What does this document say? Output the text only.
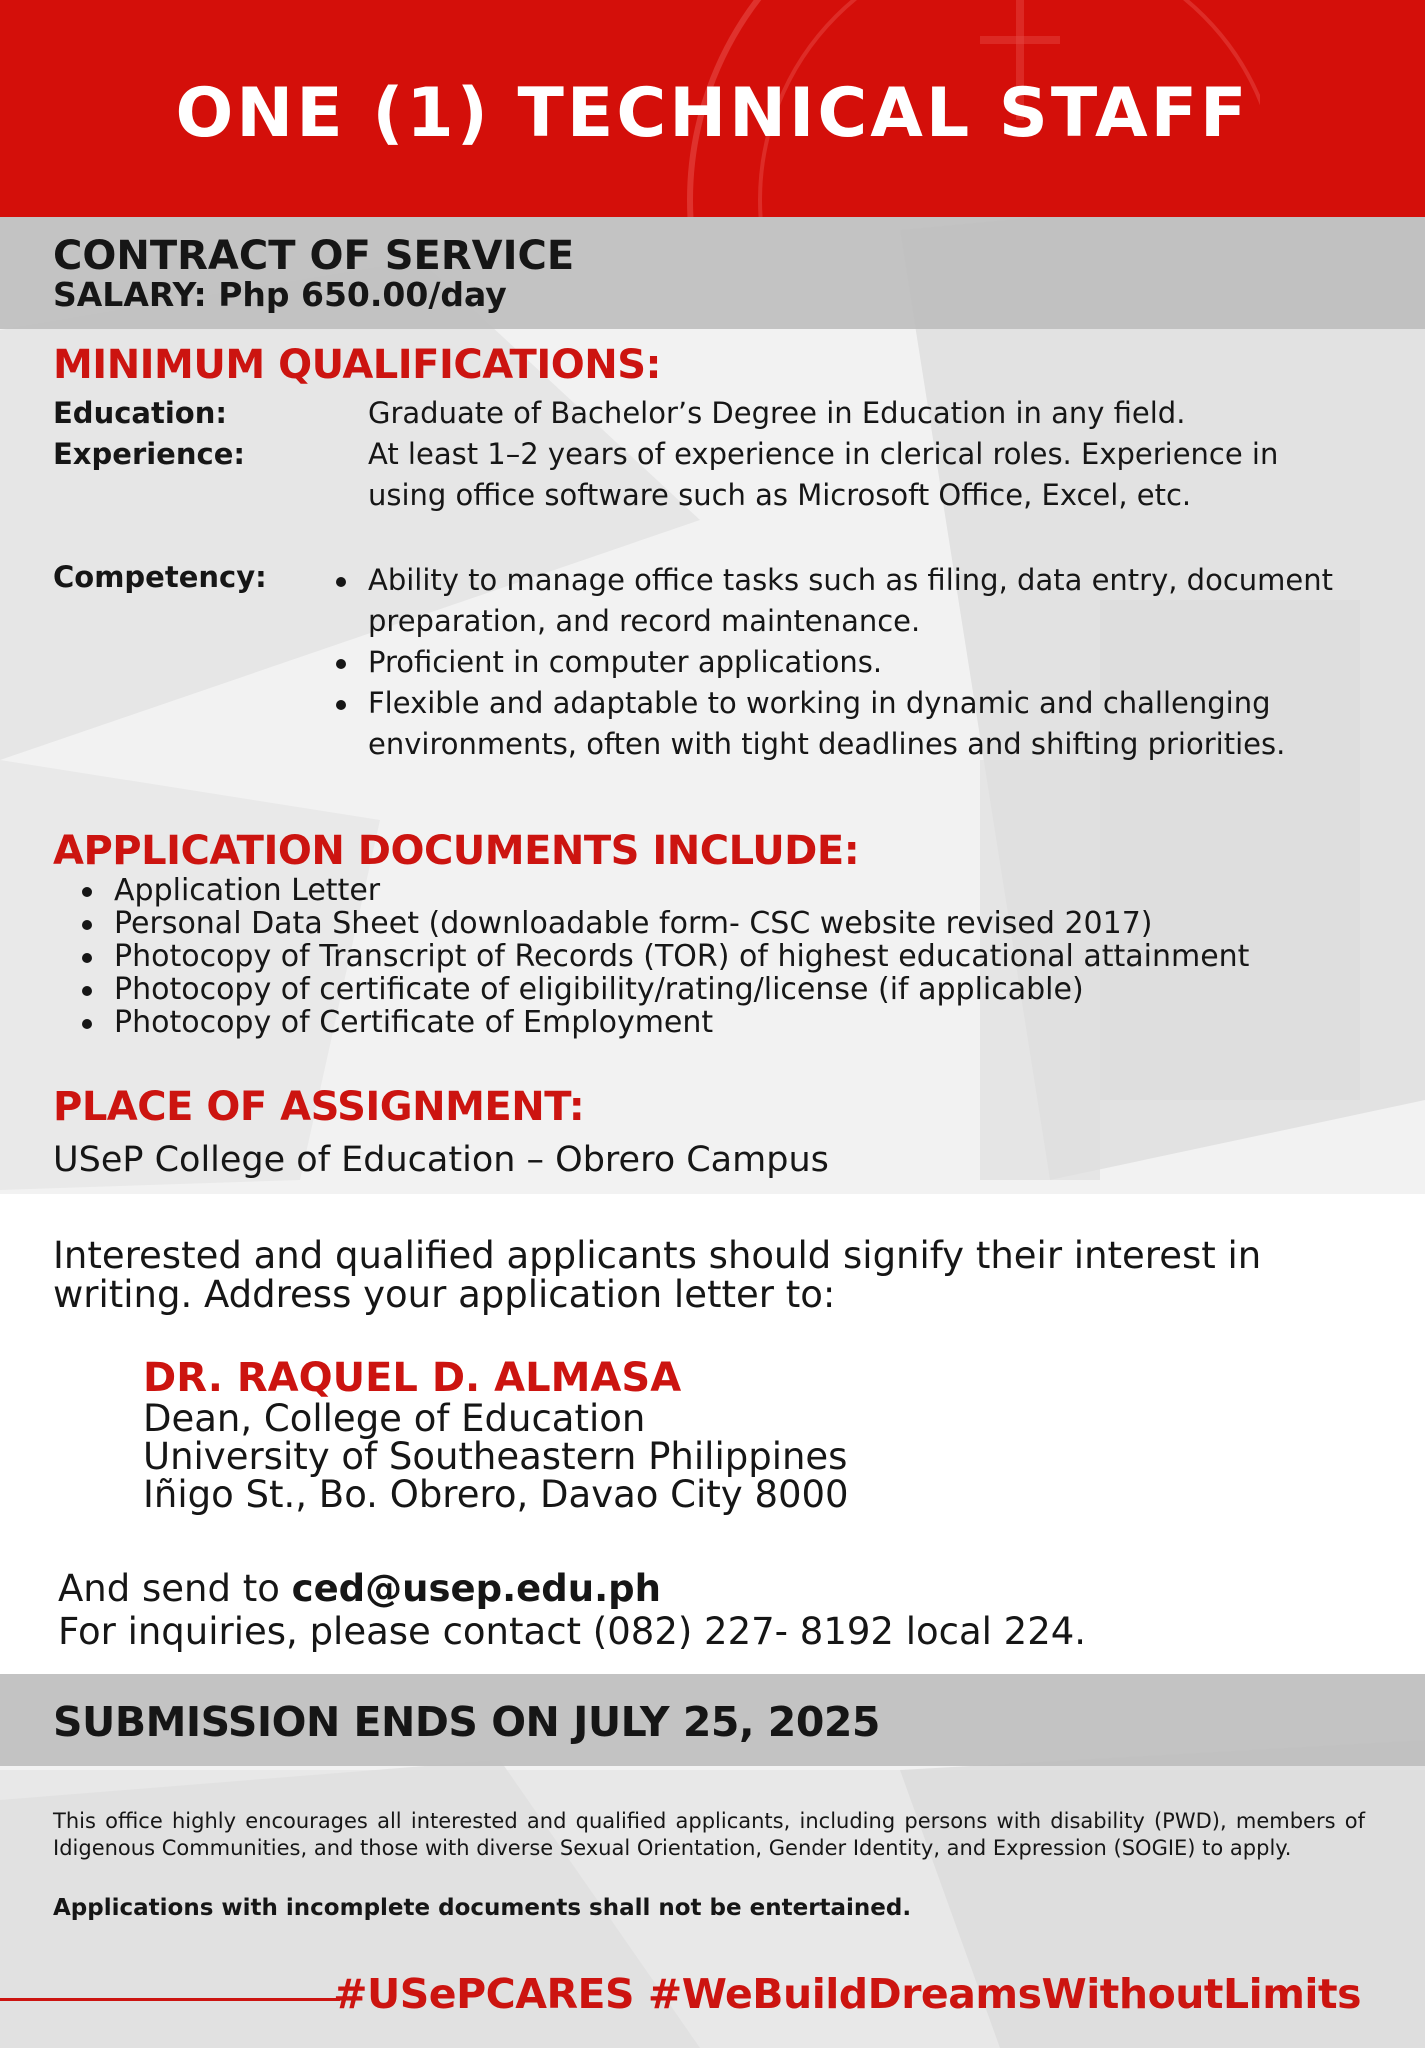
ONE (1) TECHNICAL STAFF
CONTRACT OF SERVICE
SALARY: Php 650.00/day
MINIMUM QUALIFICATIONS:
Education:	Graduate of Bachelor’s Degree in Education in any field.
Experience:	At least 1–2 years of experience in clerical roles. Experience in using office software such as Microsoft Office, Excel, etc.
Competency:	Ability to manage office tasks such as filing, data entry, document preparation, and record maintenance.
Proficient in computer applications.
Flexible and adaptable to working in dynamic and challenging environments, often with tight deadlines and shifting priorities.
APPLICATION DOCUMENTS INCLUDE:
Application Letter
Personal Data Sheet (downloadable form- CSC website revised 2017)
Photocopy of Transcript of Records (TOR) of highest educational attainment
Photocopy of certificate of eligibility/rating/license (if applicable)
Photocopy of Certificate of Employment
PLACE OF ASSIGNMENT:
USeP College of Education – Obrero Campus
Interested and qualified applicants should signify their interest in writing. Address your application letter to:
DR. RAQUEL D. ALMASA
Dean, College of Education
University of Southeastern Philippines
Iñigo St., Bo. Obrero, Davao City 8000
And send to ced@usep.edu.ph
For inquiries, please contact (082) 227- 8192 local 224.
SUBMISSION ENDS ON JULY 25, 2025
This office highly encourages all interested and qualified applicants, including persons with disability (PWD), members of Idigenous Communities, and those with diverse Sexual Orientation, Gender Identity, and Expression (SOGIE) to apply.
Applications with incomplete documents shall not be entertained.
#USePCARES #WeBuildDreamsWithoutLimits
